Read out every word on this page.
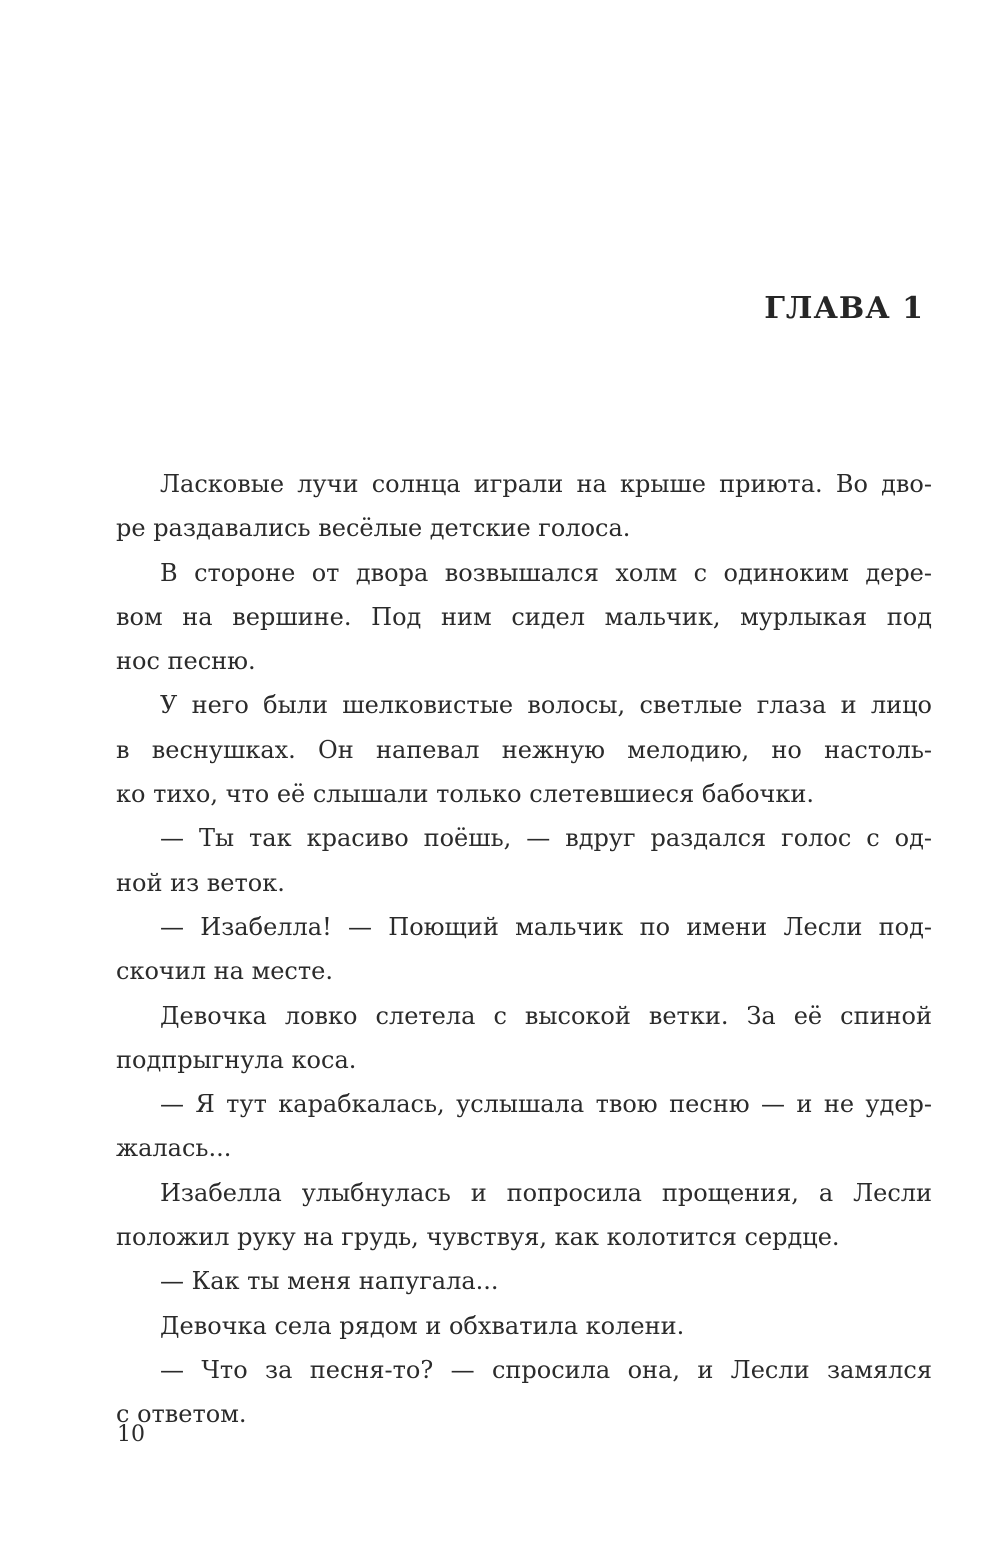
ГЛАВА 1
Ласковые лучи солнца играли на крыше приюта. Во дво-
ре раздавались весёлые детские голоса.
В стороне от двора возвышался холм с одиноким дере-
вом на вершине. Под ним сидел мальчик, мурлыкая под
нос песню.
У него были шелковистые волосы, светлые глаза и лицо
в веснушках. Он напевал нежную мелодию, но настоль-
ко тихо, что её слышали только слетевшиеся бабочки.
— Ты так красиво поёшь, — вдруг раздался голос с од-
ной из веток.
— Изабелла! — Поющий мальчик по имени Лесли под-
скочил на месте.
Девочка ловко слетела с высокой ветки. За её спиной
подпрыгнула коса.
— Я тут карабкалась, услышала твою песню — и не удер-
жалась...
Изабелла улыбнулась и попросила прощения, а Лесли
положил руку на грудь, чувствуя, как колотится сердце.
— Как ты меня напугала...
Девочка села рядом и обхватила колени.
— Что за песня-то? — спросила она, и Лесли замялся
с ответом.
10
